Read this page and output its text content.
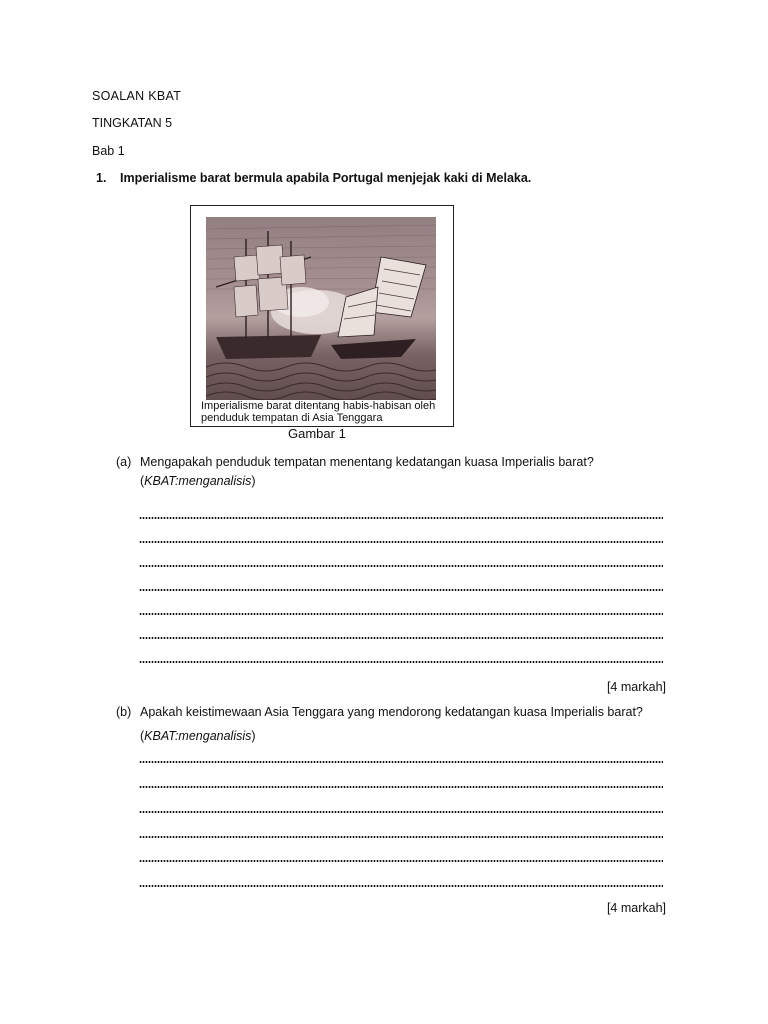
SOALAN KBAT
TINGKATAN 5
Bab 1
1. Imperialisme barat bermula apabila Portugal menjejak kaki di Melaka.
Imperialisme barat ditentang habis-habisan oleh
penduduk tempatan di Asia Tenggara
Gambar 1
(a) Mengapakah penduduk tempatan menentang kedatangan kuasa Imperialis barat?
(KBAT:menganalisis)
[4 markah]
(b) Apakah keistimewaan Asia Tenggara yang mendorong kedatangan kuasa Imperialis barat?
(KBAT:menganalisis)
[4 markah]
